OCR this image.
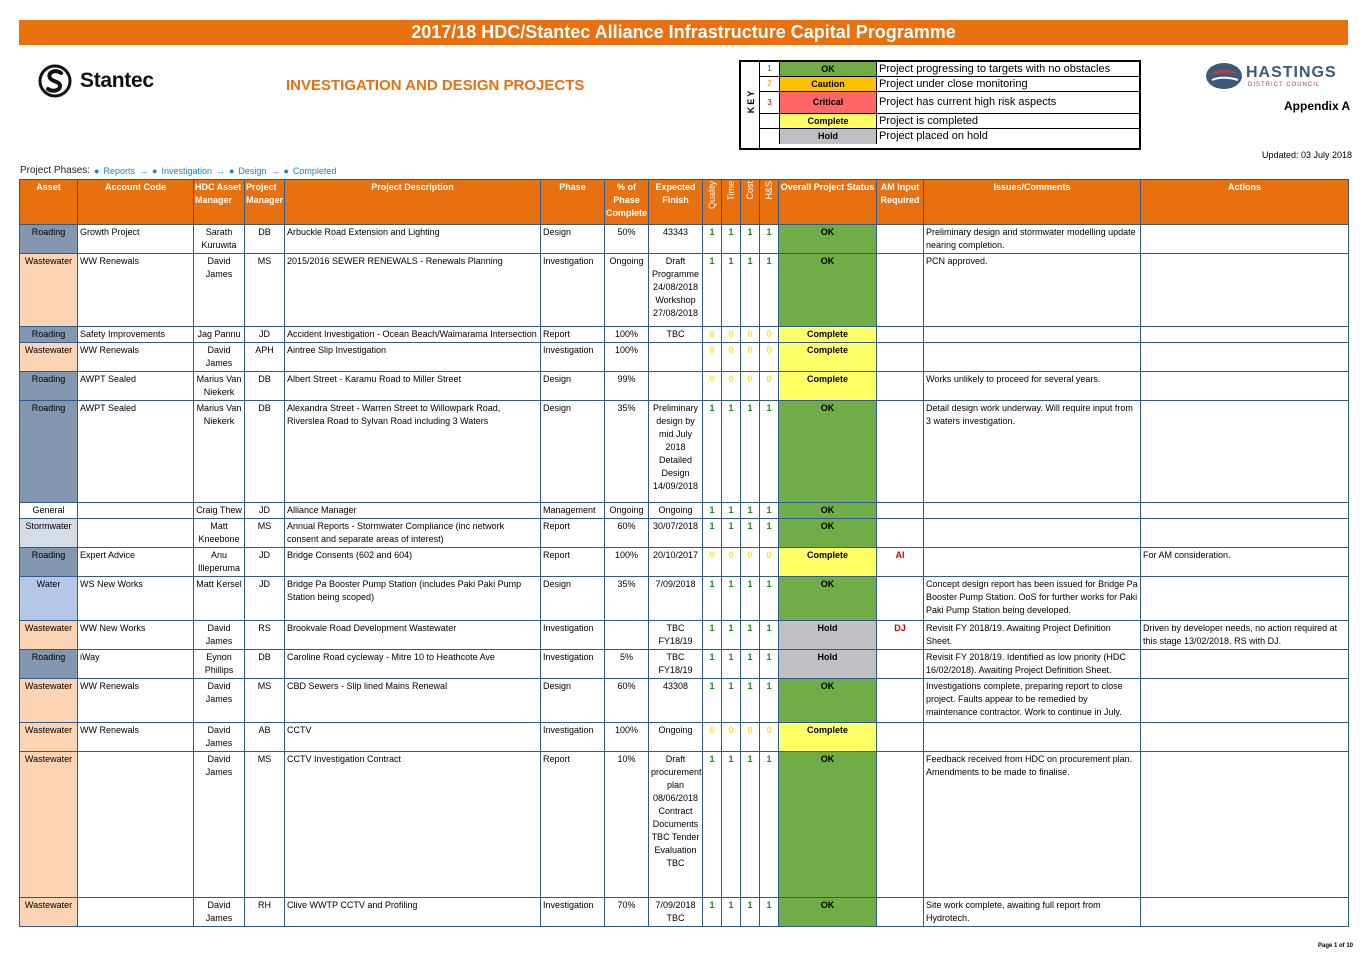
2017/18 HDC/Stantec Alliance Infrastructure Capital Programme
Stantec	INVESTIGATION AND DESIGN PROJECTS
KEY
1	OK	Project progressing to targets with no obstacles
2	Caution	Project under close monitoring
3	Critical	Project has current high risk aspects
Complete	Project is completed
Hold	Project placed on hold
HASTINGS
DISTRICT COUNCIL
Appendix A
Updated: 03 July 2018
Project Phases: ● Reports → ● Investigation → ● Design → ● Completed
Asset	Account Code	HDC Asset Manager	Project Manager	Project Description	Phase	% of Phase Complete	Expected Finish	Quality	Time	Cost	H&S	Overall Project Status	AM Input Required	Issues/Comments	Actions
Roading	Growth Project	Sarath Kuruwita	DB	Arbuckle Road Extension and Lighting	Design	50%	43343	1	1	1	1	OK		Preliminary design and stormwater modelling update nearing completion.	
Wastewater	WW Renewals	David James	MS	2015/2016 SEWER RENEWALS - Renewals Planning	Investigation	Ongoing	Draft Programme 24/08/2018 Workshop 27/08/2018	1	1	1	1	OK		PCN approved.	
Roading	Safety Improvements	Jag Pannu	JD	Accident Investigation - Ocean Beach/Waimarama Intersection	Report	100%	TBC	0	0	0	0	Complete			
Wastewater	WW Renewals	David James	APH	Aintree Slip Investigation	Investigation	100%		0	0	0	0	Complete			
Roading	AWPT Sealed	Marius Van Niekerk	DB	Albert Street - Karamu Road to Miller Street	Design	99%		0	0	0	0	Complete		Works unlikely to proceed for several years.	
Roading	AWPT Sealed	Marius Van Niekerk	DB	Alexandra Street - Warren Street to Willowpark Road, Riverslea Road to Sylvan Road including 3 Waters	Design	35%	Preliminary design by mid July 2018 Detailed Design 14/09/2018	1	1	1	1	OK		Detail design work underway. Will require input from 3 waters investigation.	
General		Craig Thew	JD	Alliance Manager	Management	Ongoing	Ongoing	1	1	1	1	OK			
Stormwater		Matt Kneebone	MS	Annual Reports - Stormwater Compliance (inc network consent and separate areas of interest)	Report	60%	30/07/2018	1	1	1	1	OK			
Roading	Expert Advice	Anu Illeperuma	JD	Bridge Consents (602 and 604)	Report	100%	20/10/2017	0	0	0	0	Complete	AI		For AM consideration.
Water	WS New Works	Matt Kersel	JD	Bridge Pa Booster Pump Station (includes Paki Paki Pump Station being scoped)	Design	35%	7/09/2018	1	1	1	1	OK		Concept design report has been issued for Bridge Pa Booster Pump Station. OoS for further works for Paki Paki Pump Station being developed.	
Wastewater	WW New Works	David James	RS	Brookvale Road Development Wastewater	Investigation		TBC FY18/19	1	1	1	1	Hold	DJ	Revisit FY 2018/19. Awaiting Project Definition Sheet.	Driven by developer needs, no action required at this stage 13/02/2018. RS with DJ.
Roading	iWay	Eynon Phillips	DB	Caroline Road cycleway - Mitre 10 to Heathcote Ave	Investigation	5%	TBC FY18/19	1	1	1	1	Hold		Revisit FY 2018/19. Identified as low priority (HDC 16/02/2018). Awaiting Project Definition Sheet.	
Wastewater	WW Renewals	David James	MS	CBD Sewers - Slip lined Mains Renewal	Design	60%	43308	1	1	1	1	OK		Investigations complete, preparing report to close project. Faults appear to be remedied by maintenance contractor. Work to continue in July.	
Wastewater	WW Renewals	David James	AB	CCTV	Investigation	100%	Ongoing	0	0	0	0	Complete			
Wastewater		David James	MS	CCTV Investigation Contract	Report	10%	Draft procurement plan 08/06/2018 Contract Documents TBC Tender Evaluation TBC	1	1	1	1	OK		Feedback received from HDC on procurement plan. Amendments to be made to finalise.	
Wastewater		David James	RH	Clive WWTP CCTV and Profiling	Investigation	70%	7/09/2018 TBC	1	1	1	1	OK		Site work complete, awaiting full report from Hydrotech.	
Page 1 of 10
